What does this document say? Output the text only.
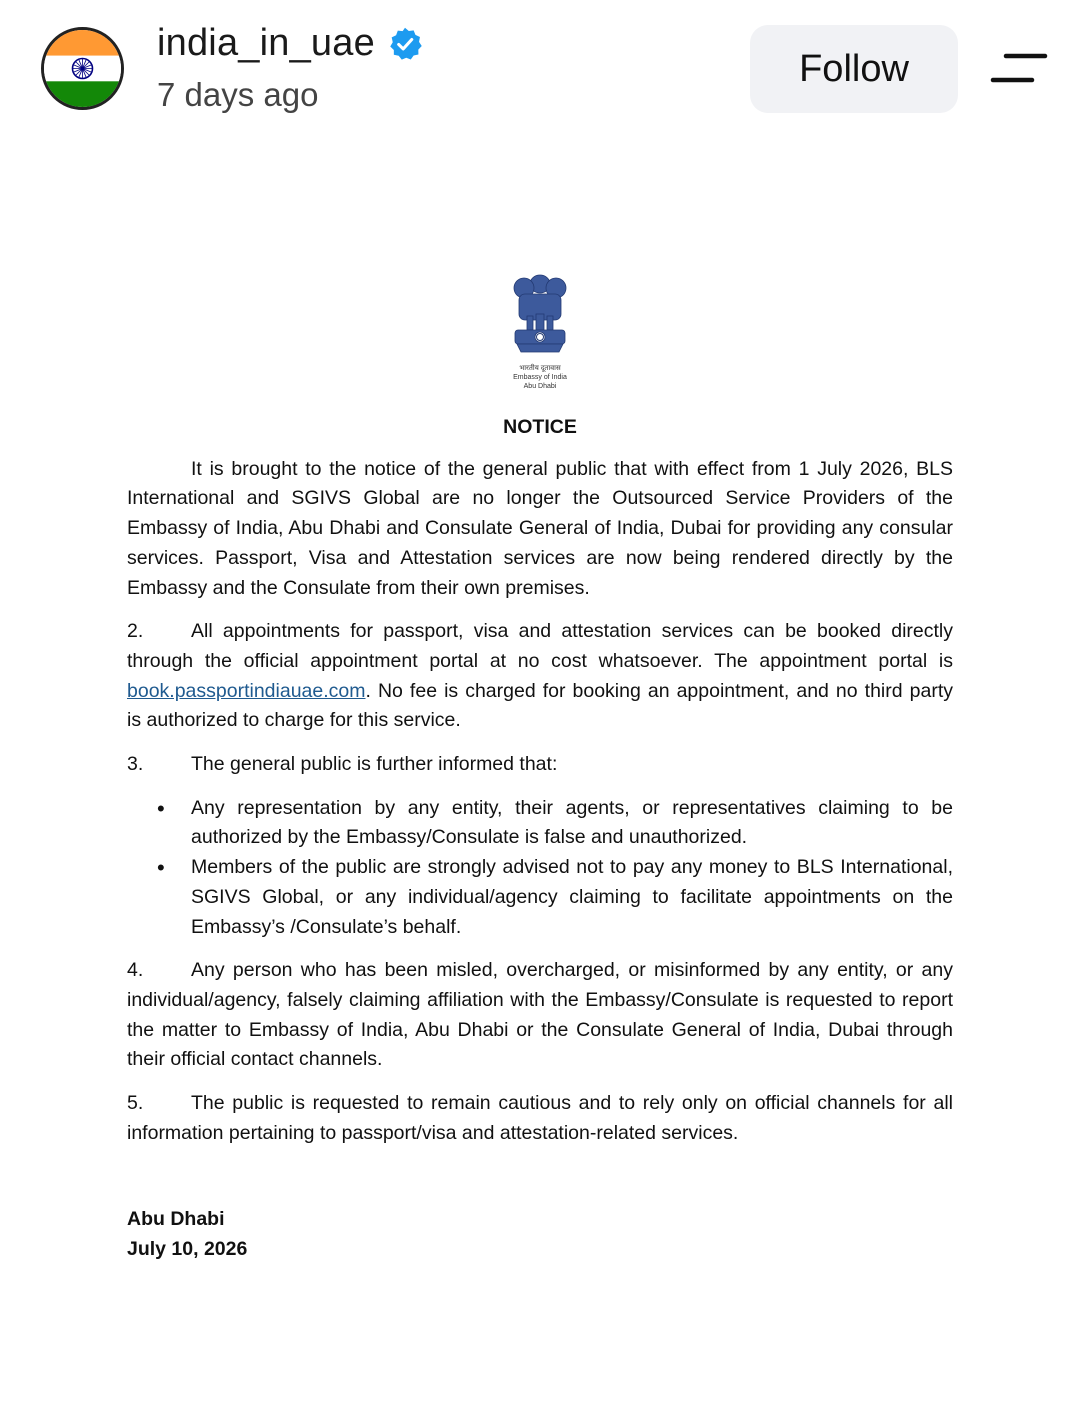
india_in_uae
7 days ago
Follow
भारतीय दूतावास
Embassy of India
Abu Dhabi
NOTICE

It is brought to the notice of the general public that with effect from 1 July 2026, BLS International and SGIVS Global are no longer the Outsourced Service Providers of the Embassy of India, Abu Dhabi and Consulate General of India, Dubai for providing any consular services. Passport, Visa and Attestation services are now being rendered directly by the Embassy and the Consulate from their own premises.

2. All appointments for passport, visa and attestation services can be booked directly through the official appointment portal at no cost whatsoever. The appointment portal is book.passportindiauae.com. No fee is charged for booking an appointment, and no third party is authorized to charge for this service.

3. The general public is further informed that:

• Any representation by any entity, their agents, or representatives claiming to be authorized by the Embassy/Consulate is false and unauthorized.
• Members of the public are strongly advised not to pay any money to BLS International, SGIVS Global, or any individual/agency claiming to facilitate appointments on the Embassy’s /Consulate’s behalf.

4. Any person who has been misled, overcharged, or misinformed by any entity, or any individual/agency, falsely claiming affiliation with the Embassy/Consulate is requested to report the matter to Embassy of India, Abu Dhabi or the Consulate General of India, Dubai through their official contact channels.

5. The public is requested to remain cautious and to rely only on official channels for all information pertaining to passport/visa and attestation-related services.

Abu Dhabi
July 10, 2026
